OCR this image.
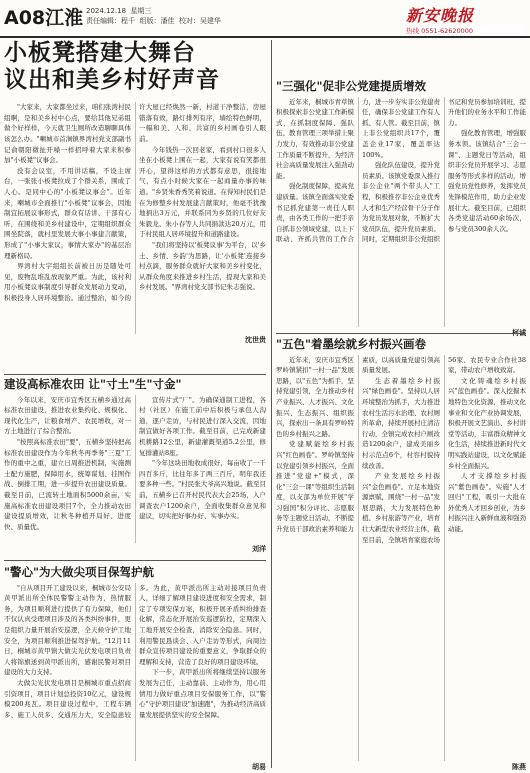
A08江淮 2024.12.18  星期三
责任编辑：程千  组版：潘佳  校对：吴建华	新安晚报
热线 0551-62620000
小板凳搭建大舞台
议出和美乡村好声音

"大家来，大家都坐过来，咱们张湾村民组啊，是和美乡村中心点，要给其他兄弟组做个好样样，今天就卫生厕所改造聊聊具体该怎么办。"喇城市首涧镇界湾村党支部副书记俞朝阳微扯开嗓一样招呼着大家来积参加"小板凳"议事会。

没有会议室，不用讲话稿，不设主席台，一张张小板凳拉成了个群关系，围成了人心。是同中心的"小板凳议事会"。近年来，喇城市全面推行"小板凳"议事会，因地制宜拓展议事形式，群众有话讲、干部有心听，在围绕和美乡村建设中，定期组织群众围坐院落，就村里发展大事小事建言献策，形成了"小事大家议，事情大家办"的基层治理新格局。

界湾村大字组组长前被日历是随处可见，废物乱堆乱放现象严重。为此，该村利用小板凳议事制度引导群众发展动力变动，积极投身人居环境整治。通过整治，如今的许大屋已经焕然一新，村道干净整洁，房屋错落有致，路灯排列有序，墙绘特色鲜明，一幅和美、人和、共富的乡村画卷引人眼前。

今年钱热一次回老家，看到村口很多人坐在小板凳上围在一起，大家有说有笑都很开心，望得这样的方式都有意思，很接地气，有点小时候大家在一起商量办事的味道。"乡贤朱香秀笑着说道。在得知村民们是在为修整乡村发展建言献策时，他毫不犹豫地捐出3万元，并联系同为乡贤的几位好友朱毅龙、朱小春等人共同捐款达20万元，用于村民组人居环境提升和道路建设。

"我们将坚持以'板凳议事'为平台，以'乡土、乡情、乡韵'为思路，让'小板凳'连接乡村点滴，服务群众就好大家和美乡村变化，从群众角度来推进乡村生活，提现大家和美乡村发展。"界湾村党支部书记朱志强说。

沈世贵
建设高标准农田 让"寸土"生"寸金"

今年以来，安庆市宜秀区五横乡通过高标准农田建设，推进农业集约化、规模化、现代化生产，让粮食增产、农民增收，对一方土地进行了综合整治。

"按照高标准农田"要"，五横乡坚持把高标准农田建设作为今年秋冬再季务"三夏"工作的重中之重，建立日周推进机制，实施测土配方施肥，保障用水，统筹谋划、挂图作战、倒排工期，进一步提升农田建设质量。截至目前，已流转土地面积5000余亩，实施高标准农田建设项目7个，全力推动农田建设提质增效，让秋冬种植开局好、进度快、质量优。

宣传片式"厂"。为确保通制工进程，各村（社区）在施工前中后积极与承包人沟通，逐户走访，与村民进行深入交流，因地制宜做好各项工作。截至目前，已完成新建机耕路12公里，新建灌溉渠道5.2公里，修复排灌站8座。

"今年这块田地收成很好，每亩收了一千四百多斤，比往年多了两三百斤，明年我还要多种一些。"村民张大爷高兴地说。截至目前，五横乡已召开村民代表大会25场，入户调查农户1200余户，全面收集群众意见和建议，切实把好事办好、实事办实。

刘洋
"警心"为大做尖项目保驾护航

"自从项目开工建设以来，桐城市公安局黄甲派出所全体民警警主动作为，热情服务，为项目顺利进行提供了有力保障，他们不仅认真受理项目涉及的各类纠纷事件，更是组织力量开展治安巡逻，全天候守护工地安全，为项目顺利推进保驾护航。"12月11日，桐城市黄甲镇大做尖光伏发电项目负责人将锦旗送到黄甲派出所，感谢民警对项目建设的大力支持。

大做尖光伏发电项目是桐城市重点招商引资项目，项目计划总投资10亿元，建设规模200兆瓦。项目建设过程中，工程车辆多、施工人员多、交通压力大，安全隐患较多。为此，黄甲派出所主动对接项目负责人，详细了解项目建设进度和安全需求，制定了专项安保方案，积极开展矛盾纠纷排查化解，常态化开展治安巡逻防控，定期深入工地开展安全检查，消除安全隐患。同时，利用警民恳谈会、入户走访等形式，向周边群众宣传项目建设的重要意义，争取群众的理解和支持，营造了良好的项目建设环境。

下一步，黄甲派出所将继续坚持以服务发展为己任，主动靠前、主动作为，用心用情用力做好重点项目安保服务工作，以"警心"守护项目建设"加速跑"，为推动经济高质量发展提供坚实的安全保障。

胡易
"三强化"促非公党建提质增效

近年来，桐城市青草镇积极探索非公党建工作新模式，在抓制度保障、强队伍、教育管理三项举措上聚力发力，有效推动非公党建工作质量不断提升，为经济社会高质量发展注入强劲动能。

强化制度保障，提高党建质量。该镇全面落实党委书记抓党建第一责任人职责，由各类工作的一把手亲自抓非公领域党建，以上下联动、齐抓共管的工作合力，进一步夯实非公党建责任，确保非公党建工作有人抓、有人管。截至目前，镇上非公党组织共17个，覆盖企业17家，覆盖率达100%。

强化队伍建设，提升党员素质。该镇党委深入推行非公企业"两个带头人"工程，积极推荐非公企业优秀人才和生产经营骨干分子作为党员发展对象，不断扩大党员队伍，提升党员素质。同时，定期组织非公党组织书记和党员参加培训班，提升他们的业务水平和工作能力。

强化教育管理，增强服务本领。该镇结合"三会一课"、主题党日等活动，组织非公党员开展学习、志愿服务等形式多样的活动，增强党员党性修养，发挥党员先锋模范作用，助力企业发展壮大。截至目前，已组织各类党建活动60余场次，参与党员300余人次。

"五色"着墨绘就乡村振兴画卷

近年来，安庆市宜秀区罗岭镇紧扣"一村一品"发展思路，以"五色"为抓手，坚持党建引领，全力推动乡村产业振兴、人才振兴、文化振兴、生态振兴、组织振兴，探索出一条具有罗岭特色的乡村振兴之路。

党建赋能绘乡村振兴"红色画卷"。罗岭镇坚持以党建引领乡村振兴，全面推进"党建+"模式，深化"三会一课"等组织生活制度，以支部为单位开展"学习强国"积分评比、志愿服务等主题党日活动，不断提升党员干部政治素养和能力素质，以高质量党建引领高质量发展。

生态着墨绘乡村振兴"绿色画卷"。坚持以人居环境整治为抓手，大力推进农村生活污水治理、农村厕所革命，持续开展村庄清洁行动，全镇完成农村户厕改造1200余户，建成美丽乡村示范点6个，村容村貌持续改善。

产业发展绘乡村振兴"金色画卷"。立足本地资源禀赋，围绕"一村一品"发展思路，大力发展特色种植、乡村旅游等产业，培育壮大新型农业经营主体，截至目前，全镇培育家庭农场56家、农民专业合作社38家，带动农户增收致富。

文化铸魂绘乡村振兴"蓝色画卷"。深入挖掘本地特色文化资源，推动文化事业和文化产业协调发展，积极开展文艺演出、乡村讲堂等活动，丰富群众精神文化生活，持续推进新时代文明实践站建设，以文化赋能乡村全面振兴。

人才支撑绘乡村振兴"紫色画卷"。实施"人才回归"工程，吸引一大批在外优秀人才回乡创业，为乡村振兴注入新鲜血液和强劲动能。

陈燕
